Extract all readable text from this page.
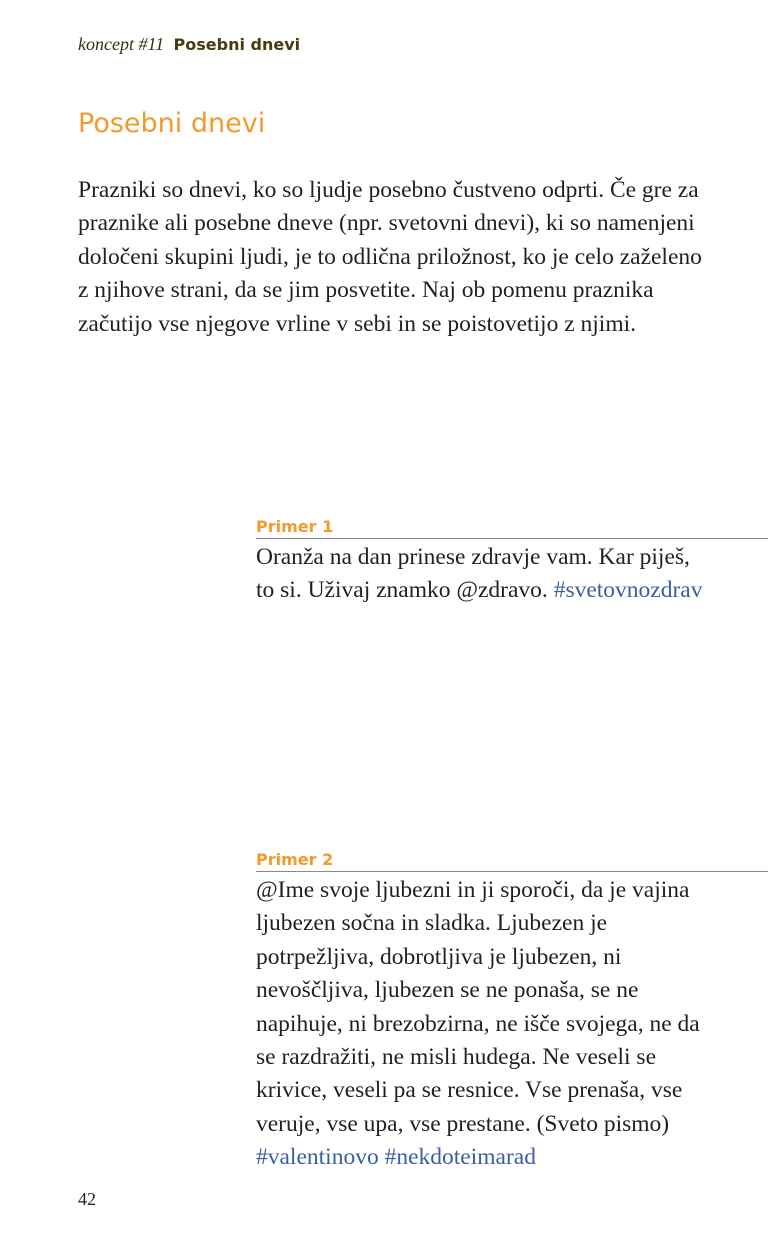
koncept #11 Posebni dnevi
Posebni dnevi

Prazniki so dnevi, ko so ljudje posebno čustveno odprti. Če gre za praznike ali posebne dneve (npr. svetovni dnevi), ki so namenjeni določeni skupini ljudi, je to odlična priložnost, ko je celo zaželeno z njihove strani, da se jim posvetite. Naj ob pomenu praznika začutijo vse njegove vrline v sebi in se poistovetijo z njimi.

Primer 1

Oranža na dan prinese zdravje vam. Kar piješ, to si. Uživaj znamko @zdravo. #svetovnozdrav

Primer 2

@Ime svoje ljubezni in ji sporoči, da je vajina ljubezen sočna in sladka. Ljubezen je potrpežljiva, dobrotljiva je ljubezen, ni nevoščljiva, ljubezen se ne ponaša, se ne napihuje, ni brezobzirna, ne išče svojega, ne da se razdražiti, ne misli hudega. Ne veseli se krivice, veseli pa se resnice. Vse prenaša, vse veruje, vse upa, vse prestane. (Sveto pismo) #valentinovo #nekdoteimarad

42
